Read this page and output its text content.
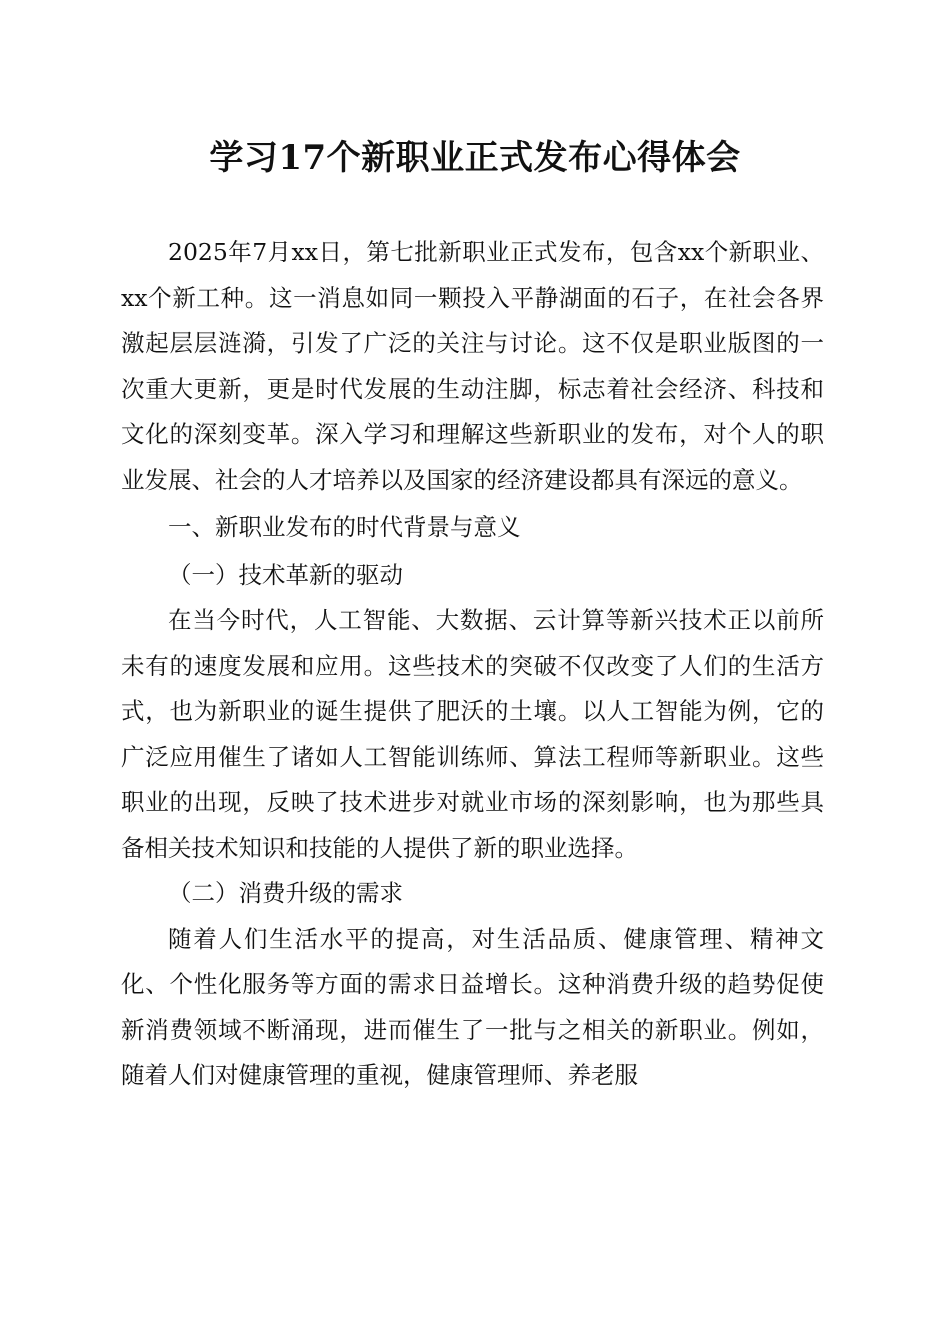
学习17个新职业正式发布心得体会

2025年7月xx日，第七批新职业正式发布，包含xx个新职业、xx个新工种。这一消息如同一颗投入平静湖面的石子，在社会各界激起层层涟漪，引发了广泛的关注与讨论。这不仅是职业版图的一次重大更新，更是时代发展的生动注脚，标志着社会经济、科技和文化的深刻变革。深入学习和理解这些新职业的发布，对个人的职业发展、社会的人才培养以及国家的经济建设都具有深远的意义。

一、新职业发布的时代背景与意义

（一）技术革新的驱动

在当今时代，人工智能、大数据、云计算等新兴技术正以前所未有的速度发展和应用。这些技术的突破不仅改变了人们的生活方式，也为新职业的诞生提供了肥沃的土壤。以人工智能为例，它的广泛应用催生了诸如人工智能训练师、算法工程师等新职业。这些职业的出现，反映了技术进步对就业市场的深刻影响，也为那些具备相关技术知识和技能的人提供了新的职业选择。

（二）消费升级的需求

随着人们生活水平的提高，对生活品质、健康管理、精神文化、个性化服务等方面的需求日益增长。这种消费升级的趋势促使新消费领域不断涌现，进而催生了一批与之相关的新职业。例如，随着人们对健康管理的重视，健康管理师、养老服
